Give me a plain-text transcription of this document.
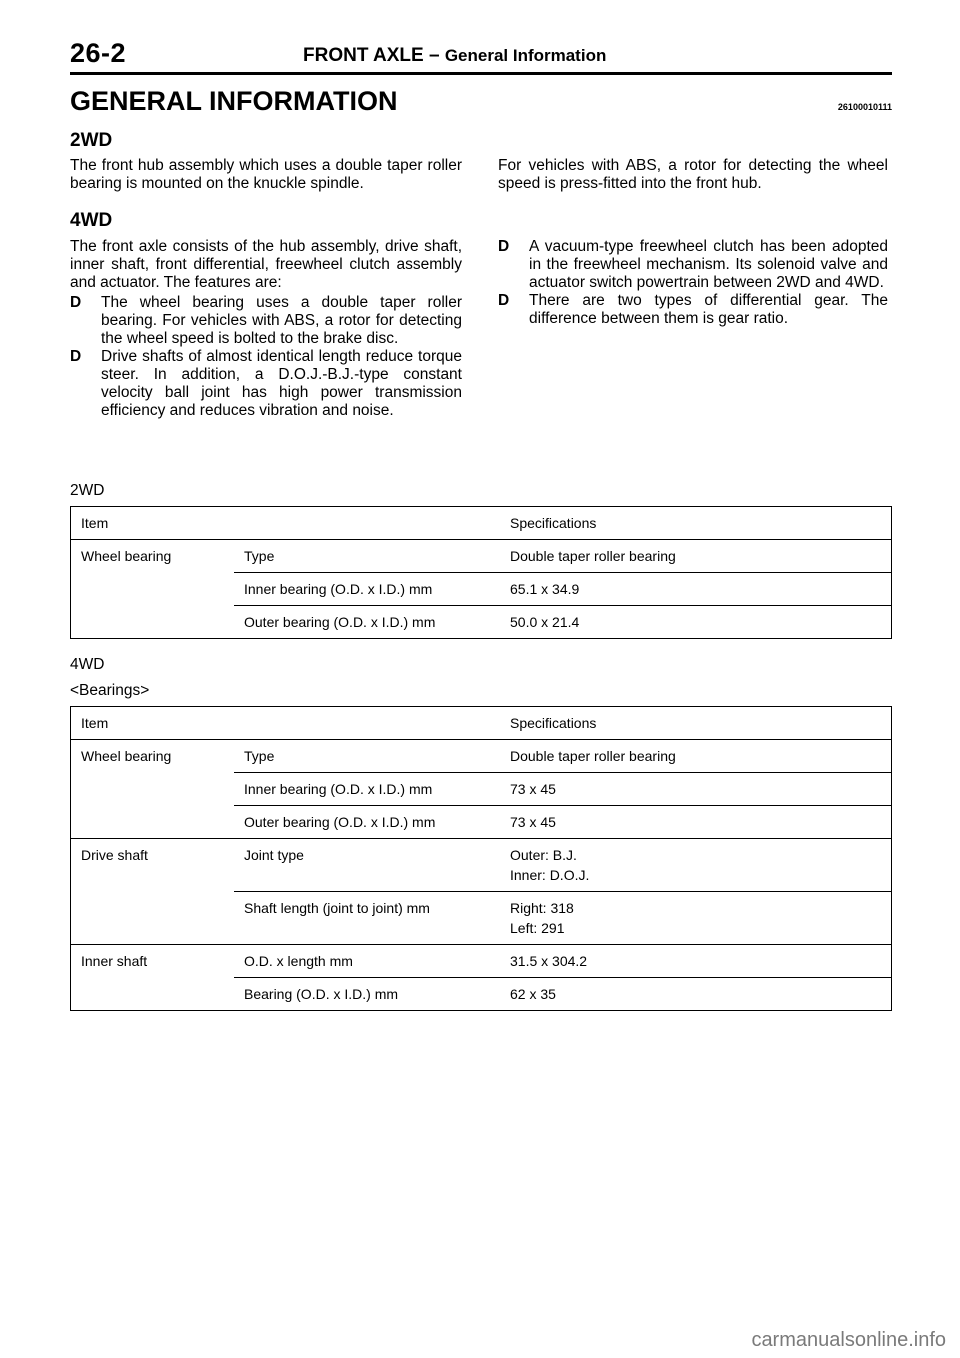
26-2	FRONT AXLE – General Information
GENERAL INFORMATION	26100010111
2WD

The front hub assembly which uses a double taper roller bearing is mounted on the knuckle spindle.

For vehicles with ABS, a rotor for detecting the wheel speed is press-fitted into the front hub.

4WD

The front axle consists of the hub assembly, drive shaft, inner shaft, front differential, freewheel clutch assembly and actuator. The features are:

D The wheel bearing uses a double taper roller bearing. For vehicles with ABS, a rotor for detecting the wheel speed is bolted to the brake disc.
D Drive shafts of almost identical length reduce torque steer. In addition, a D.O.J.-B.J.-type constant velocity ball joint has high power transmission efficiency and reduces vibration and noise.
D A vacuum-type freewheel clutch has been adopted in the freewheel mechanism. Its solenoid valve and actuator switch powertrain between 2WD and 4WD.
D There are two types of differential gear. The difference between them is gear ratio.
2WD
Item		Specifications
Wheel bearing	Type	Double taper roller bearing
	Inner bearing (O.D. x I.D.) mm	65.1 x 34.9
	Outer bearing (O.D. x I.D.) mm	50.0 x 21.4
4WD
<Bearings>
Item		Specifications
Wheel bearing	Type	Double taper roller bearing
	Inner bearing (O.D. x I.D.) mm	73 x 45
	Outer bearing (O.D. x I.D.) mm	73 x 45
Drive shaft	Joint type	Outer: B.J.
Inner: D.O.J.

	Shaft length (joint to joint) mm	Right: 318
Left: 291

Inner shaft	O.D. x length mm	31.5 x 304.2
	Bearing (O.D. x I.D.) mm	62 x 35
carmanualsonline.info
